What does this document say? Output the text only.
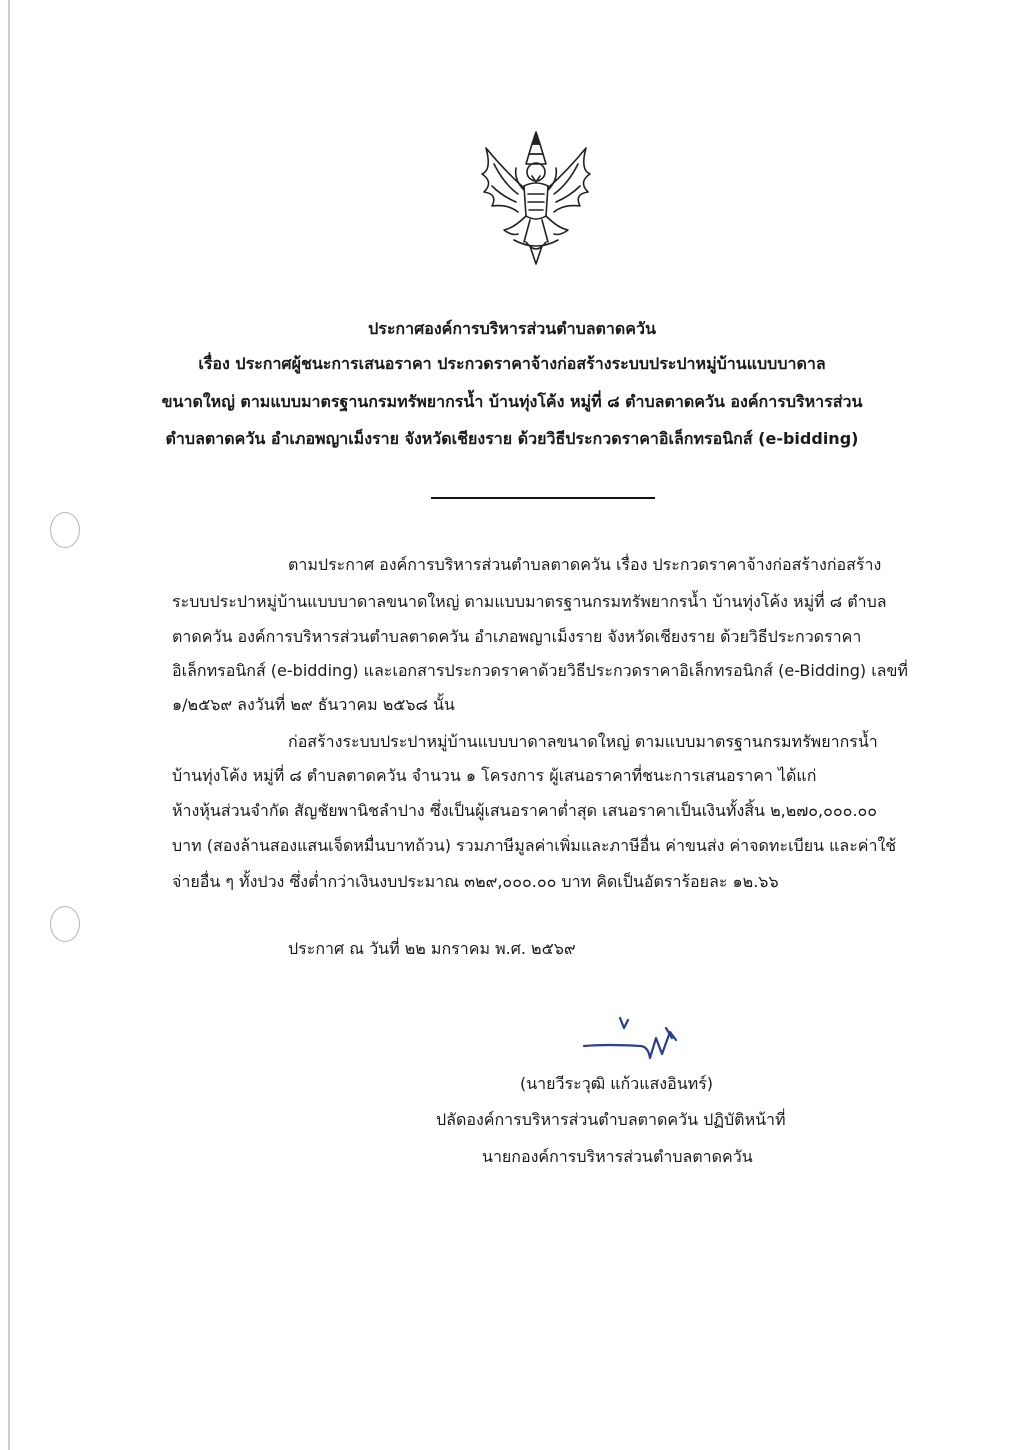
ประกาศองค์การบริหารส่วนตำบลตาดควัน
เรื่อง ประกาศผู้ชนะการเสนอราคา ประกวดราคาจ้างก่อสร้างระบบประปาหมู่บ้านแบบบาดาล
ขนาดใหญ่ ตามแบบมาตรฐานกรมทรัพยากรน้ำ บ้านทุ่งโค้ง หมู่ที่ ๘ ตำบลตาดควัน องค์การบริหารส่วน
ตำบลตาดควัน อำเภอพญาเม็งราย จังหวัดเชียงราย ด้วยวิธีประกวดราคาอิเล็กทรอนิกส์ (e-bidding)
ตามประกาศ องค์การบริหารส่วนตำบลตาดควัน เรื่อง ประกวดราคาจ้างก่อสร้างก่อสร้าง
ระบบประปาหมู่บ้านแบบบาดาลขนาดใหญ่ ตามแบบมาตรฐานกรมทรัพยากรน้ำ บ้านทุ่งโค้ง หมู่ที่ ๘ ตำบล
ตาดควัน องค์การบริหารส่วนตำบลตาดควัน อำเภอพญาเม็งราย จังหวัดเชียงราย ด้วยวิธีประกวดราคา
อิเล็กทรอนิกส์ (e-bidding) และเอกสารประกวดราคาด้วยวิธีประกวดราคาอิเล็กทรอนิกส์ (e-Bidding) เลขที่
๑/๒๕๖๙ ลงวันที่ ๒๙ ธันวาคม ๒๕๖๘ นั้น
ก่อสร้างระบบประปาหมู่บ้านแบบบาดาลขนาดใหญ่ ตามแบบมาตรฐานกรมทรัพยากรน้ำ
บ้านทุ่งโค้ง หมู่ที่ ๘ ตำบลตาดควัน จำนวน ๑ โครงการ ผู้เสนอราคาที่ชนะการเสนอราคา ได้แก่
ห้างหุ้นส่วนจำกัด สัญชัยพานิชลำปาง ซึ่งเป็นผู้เสนอราคาต่ำสุด เสนอราคาเป็นเงินทั้งสิ้น ๒,๒๗๐,๐๐๐.๐๐
บาท (สองล้านสองแสนเจ็ดหมื่นบาทถ้วน) รวมภาษีมูลค่าเพิ่มและภาษีอื่น ค่าขนส่ง ค่าจดทะเบียน และค่าใช้
จ่ายอื่น ๆ ทั้งปวง ซึ่งต่ำกว่าเงินงบประมาณ ๓๒๙,๐๐๐.๐๐ บาท คิดเป็นอัตราร้อยละ ๑๒.๖๖
ประกาศ ณ วันที่ ๒๒ มกราคม พ.ศ. ๒๕๖๙
(นายวีระวุฒิ แก้วแสงอินทร์)
ปลัดองค์การบริหารส่วนตำบลตาดควัน ปฏิบัติหน้าที่
นายกองค์การบริหารส่วนตำบลตาดควัน
